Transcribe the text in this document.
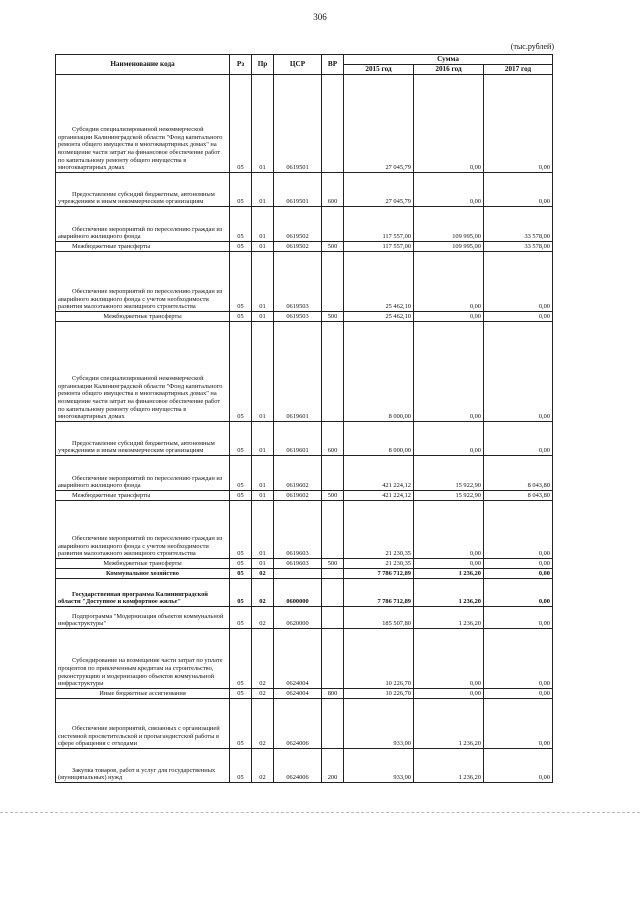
306
(тыс.рублей)
Наименование кода	Рз	Пр	ЦСР	ВР	Сумма		
					2015 год	2016 год	2017 год
Субсидии специализированной некоммерческой организации Калининградской области "Фонд капитального ремонта общего имущества в многоквартирных домах" на возмещение части затрат на финансовое обеспечение работ по капитальному ремонту общего имущества в многоквартирных домах	05	01	0619501		27 045,79	0,00	0,00
Предоставление субсидий бюджетным, автономным учреждениям и иным некоммерческим организациям	05	01	0619501	600	27 045,79	0,00	0,00
Обеспечение мероприятий по переселению граждан из аварийного жилищного фонда	05	01	0619502		117 557,00	109 995,00	33 578,00
Межбюджетные трансферты	05	01	0619502	500	117 557,00	109 995,00	33 578,00
Обеспечение мероприятий по переселению граждан из аварийного жилищного фонда с учетом необходимости развития малоэтажного жилищного строительства	05	01	0619503		25 462,10	0,00	0,00
Межбюджетные трансферты	05	01	0619503	500	25 462,10	0,00	0,00
Субсидии специализированной некоммерческой организации Калининградской области "Фонд капитального ремонта общего имущества в многоквартирных домах" на возмещение части затрат на финансовое обеспечение работ по капитальному ремонту общего имущества в многоквартирных домах	05	01	0619601		8 000,00	0,00	0,00
Предоставление субсидий бюджетным, автономным учреждениям и иным некоммерческим организациям	05	01	0619601	600	8 000,00	0,00	0,00
Обеспечение мероприятий по переселению граждан из аварийного жилищного фонда	05	01	0619602		421 224,12	15 922,90	8 043,80
Межбюджетные трансферты	05	01	0619602	500	421 224,12	15 922,90	8 043,80
Обеспечение мероприятий по переселению граждан из аварийного жилищного фонда с учетом необходимости развития малоэтажного жилищного строительства	05	01	0619603		21 230,35	0,00	0,00
Межбюджетные трансферты	05	01	0619603	500	21 230,35	0,00	0,00
Коммунальное хозяйство	05	02			7 786 712,89	1 236,20	0,00
Государственная программа Калининградской области "Доступное и комфортное жилье"	05	02	0600000		7 786 712,89	1 236,20	0,00
Подпрограмма "Модернизация объектов коммунальной инфраструктуры"	05	02	0620000		185 507,80	1 236,20	0,00
Субсидирование на возмещение части затрат по уплате процентов по привлеченным кредитам на строительство, реконструкцию и модернизацию объектов коммунальной инфраструктуры	05	02	0624004		10 226,70	0,00	0,00
Иные бюджетные ассигнования	05	02	0624004	800	10 226,70	0,00	0,00
Обеспечение мероприятий, связанных с организацией системной просветительской и пропагандистской работы в сфере обращения с отходами	05	02	0624006		933,00	1 236,20	0,00
Закупка товаров, работ и услуг для государственных (муниципальных) нужд	05	02	0624006	200	933,00	1 236,20	0,00
